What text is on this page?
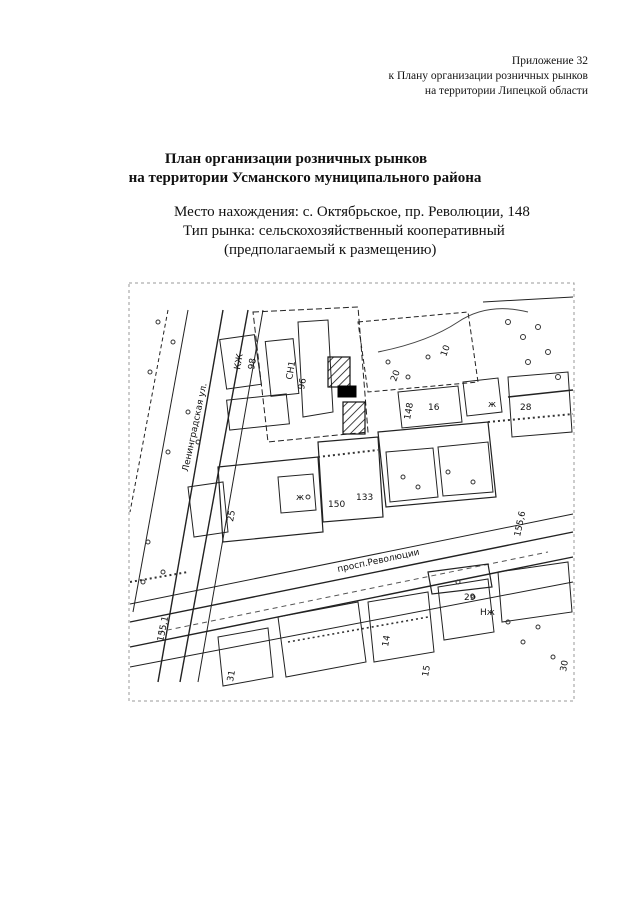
Приложение 32
к Плану организации розничных рынков
на территории Липецкой области
План организации розничных рынков
на территории Усманского муниципального района
Место нахождения: с. Октябрьское, пр. Революции, 148
Тип рынка: сельскохозяйственный кооперативный
(предполагаемый к размещению)
Ленинградская ул.
просп.Революции
КЖ 98	СН1
96
ж
150
133
155,1
155,6
29
31
14
15
Нж
20
10
28
148 16	ж
30
25
